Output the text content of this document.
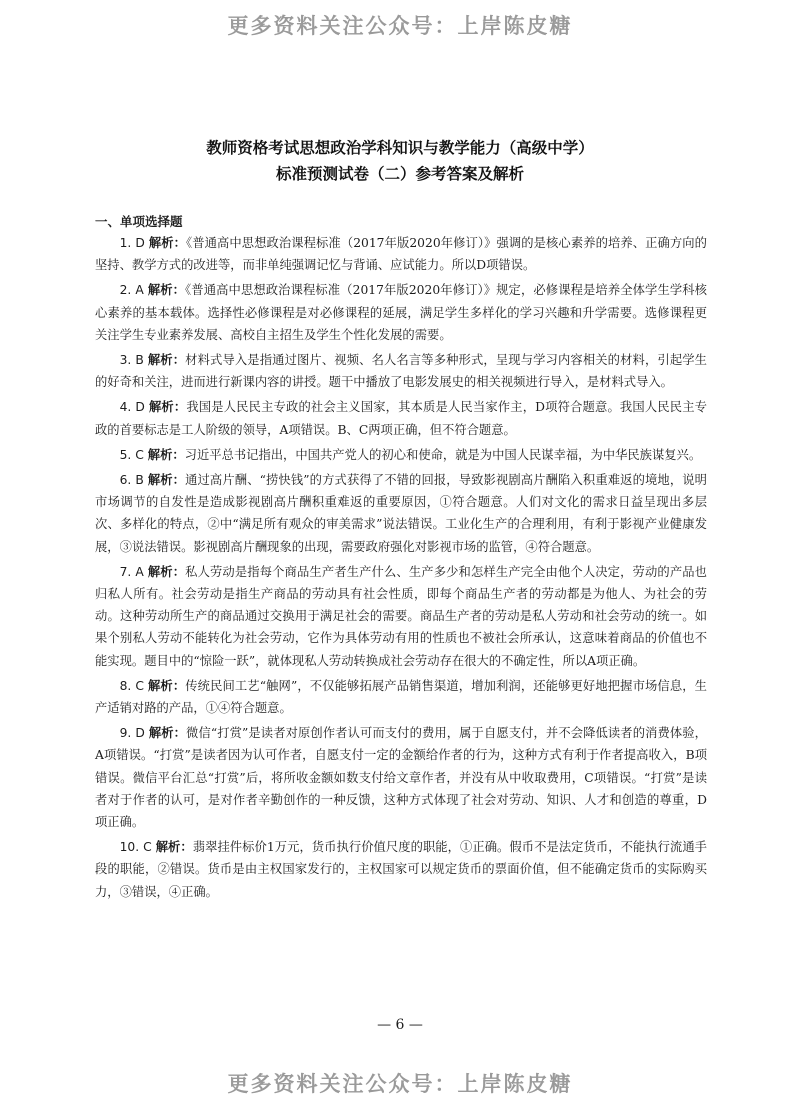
更多资料关注公众号：上岸陈皮糖
教师资格考试思想政治学科知识与教学能力（高级中学）
标准预测试卷（二）参考答案及解析
一、单项选择题

1. D 解析：《普通高中思想政治课程标准（2017年版2020年修订）》强调的是核心素养的培养、正确方向的坚持、教学方式的改进等，而非单纯强调记忆与背诵、应试能力。所以D项错误。

2. A 解析：《普通高中思想政治课程标准（2017年版2020年修订）》规定，必修课程是培养全体学生学科核心素养的基本载体。选择性必修课程是对必修课程的延展，满足学生多样化的学习兴趣和升学需要。选修课程更关注学生专业素养发展、高校自主招生及学生个性化发展的需要。

3. B 解析：材料式导入是指通过图片、视频、名人名言等多种形式，呈现与学习内容相关的材料，引起学生的好奇和关注，进而进行新课内容的讲授。题干中播放了电影发展史的相关视频进行导入，是材料式导入。

4. D 解析：我国是人民民主专政的社会主义国家，其本质是人民当家作主，D项符合题意。我国人民民主专政的首要标志是工人阶级的领导，A项错误。B、C两项正确，但不符合题意。

5. C 解析：习近平总书记指出，中国共产党人的初心和使命，就是为中国人民谋幸福，为中华民族谋复兴。

6. B 解析：通过高片酬、“捞快钱”的方式获得了不错的回报，导致影视剧高片酬陷入积重难返的境地，说明市场调节的自发性是造成影视剧高片酬积重难返的重要原因，①符合题意。人们对文化的需求日益呈现出多层次、多样化的特点，②中“满足所有观众的审美需求”说法错误。工业化生产的合理利用，有利于影视产业健康发展，③说法错误。影视剧高片酬现象的出现，需要政府强化对影视市场的监管，④符合题意。

7. A 解析：私人劳动是指每个商品生产者生产什么、生产多少和怎样生产完全由他个人决定，劳动的产品也归私人所有。社会劳动是指生产商品的劳动具有社会性质，即每个商品生产者的劳动都是为他人、为社会的劳动。这种劳动所生产的商品通过交换用于满足社会的需要。商品生产者的劳动是私人劳动和社会劳动的统一。如果个别私人劳动不能转化为社会劳动，它作为具体劳动有用的性质也不被社会所承认，这意味着商品的价值也不能实现。题目中的“惊险一跃”，就体现私人劳动转换成社会劳动存在很大的不确定性，所以A项正确。

8. C 解析：传统民间工艺“触网”，不仅能够拓展产品销售渠道，增加利润，还能够更好地把握市场信息，生产适销对路的产品，①④符合题意。

9. D 解析：微信“打赏”是读者对原创作者认可而支付的费用，属于自愿支付，并不会降低读者的消费体验，A项错误。“打赏”是读者因为认可作者，自愿支付一定的金额给作者的行为，这种方式有利于作者提高收入，B项错误。微信平台汇总“打赏”后，将所收金额如数支付给文章作者，并没有从中收取费用，C项错误。“打赏”是读者对于作者的认可，是对作者辛勤创作的一种反馈，这种方式体现了社会对劳动、知识、人才和创造的尊重，D项正确。

10. C 解析：翡翠挂件标价1万元，货币执行价值尺度的职能，①正确。假币不是法定货币，不能执行流通手段的职能，②错误。货币是由主权国家发行的，主权国家可以规定货币的票面价值，但不能确定货币的实际购买力，③错误，④正确。

— 6 —
更多资料关注公众号：上岸陈皮糖
